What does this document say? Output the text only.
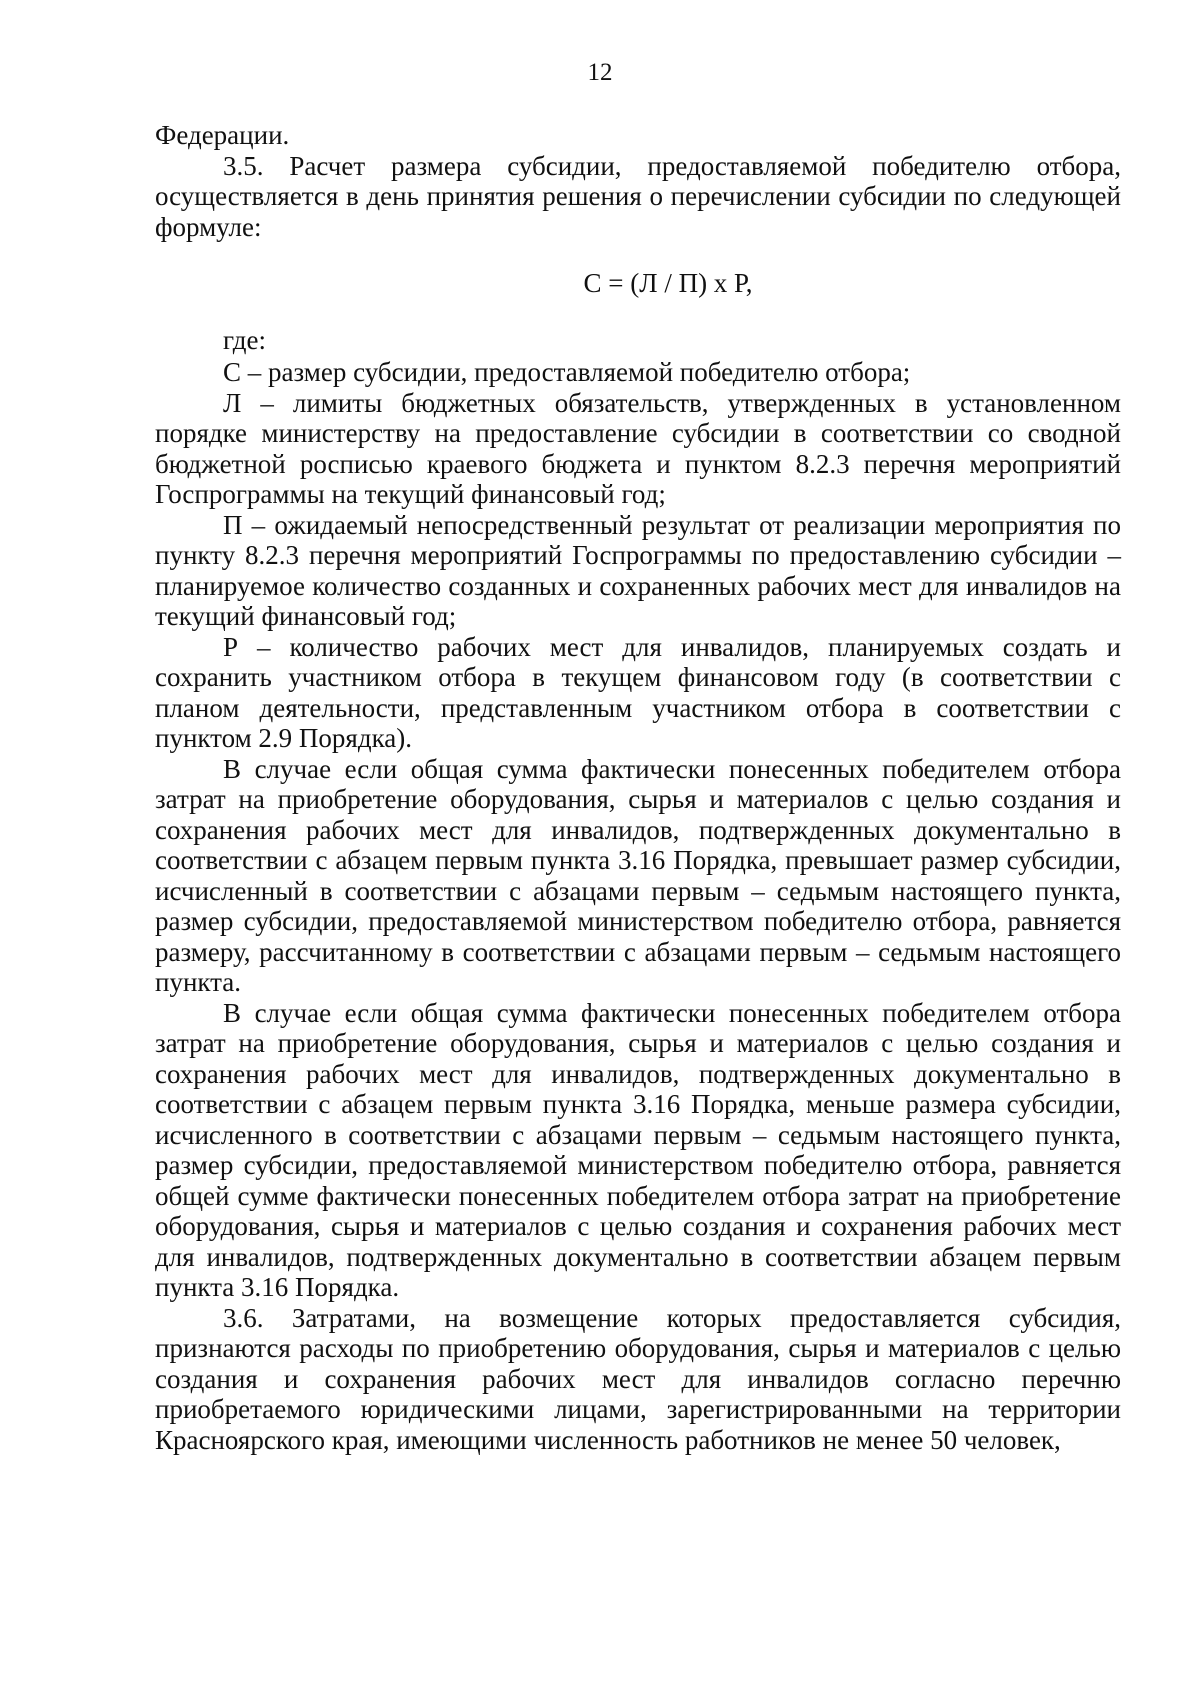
12

Федерации.

3.5. Расчет размера субсидии, предоставляемой победителю отбора, осуществляется в день принятия решения о перечислении субсидии по следующей формуле:

С = (Л / П) х Р,

где:

С – размер субсидии, предоставляемой победителю отбора;

Л – лимиты бюджетных обязательств, утвержденных в установленном порядке министерству на предоставление субсидии в соответствии со сводной бюджетной росписью краевого бюджета и пунктом 8.2.3 перечня мероприятий Госпрограммы на текущий финансовый год;

П – ожидаемый непосредственный результат от реализации мероприятия по пункту 8.2.3 перечня мероприятий Госпрограммы по предоставлению субсидии – планируемое количество созданных и сохраненных рабочих мест для инвалидов на текущий финансовый год;

Р – количество рабочих мест для инвалидов, планируемых создать и сохранить участником отбора в текущем финансовом году (в соответствии с планом деятельности, представленным участником отбора в соответствии с пунктом 2.9 Порядка).

В случае если общая сумма фактически понесенных победителем отбора затрат на приобретение оборудования, сырья и материалов с целью создания и сохранения рабочих мест для инвалидов, подтвержденных документально в соответствии с абзацем первым пункта 3.16 Порядка, превышает размер субсидии, исчисленный в соответствии с абзацами первым – седьмым настоящего пункта, размер субсидии, предоставляемой министерством победителю отбора, равняется размеру, рассчитанному в соответствии с абзацами первым – седьмым настоящего пункта.

В случае если общая сумма фактически понесенных победителем отбора затрат на приобретение оборудования, сырья и материалов с целью создания и сохранения рабочих мест для инвалидов, подтвержденных документально в соответствии с абзацем первым пункта 3.16 Порядка, меньше размера субсидии, исчисленного в соответствии с абзацами первым – седьмым настоящего пункта, размер субсидии, предоставляемой министерством победителю отбора, равняется общей сумме фактически понесенных победителем отбора затрат на приобретение оборудования, сырья и материалов с целью создания и сохранения рабочих мест для инвалидов, подтвержденных документально в соответствии абзацем первым пункта 3.16 Порядка.

3.6. Затратами, на возмещение которых предоставляется субсидия, признаются расходы по приобретению оборудования, сырья и материалов с целью создания и сохранения рабочих мест для инвалидов согласно перечню приобретаемого юридическими лицами, зарегистрированными на территории Красноярского края, имеющими численность работников не менее 50 человек,
